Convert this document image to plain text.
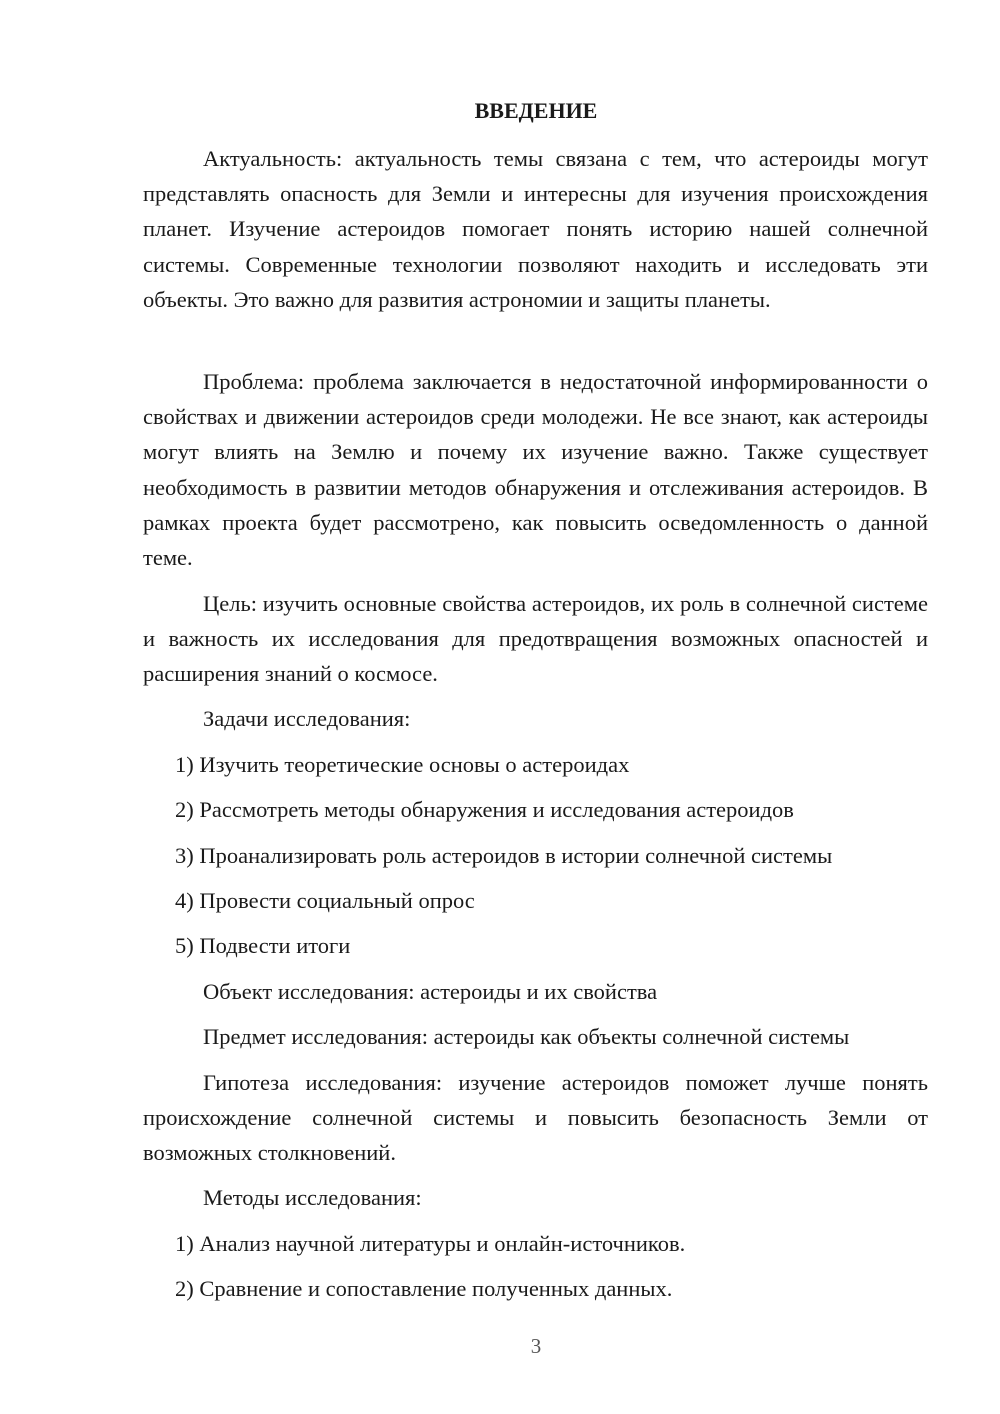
ВВЕДЕНИЕ

Актуальность: актуальность темы связана с тем, что астероиды могут представлять опасность для Земли и интересны для изучения происхождения планет. Изучение астероидов помогает понять историю нашей солнечной системы. Современные технологии позволяют находить и исследовать эти объекты. Это важно для развития астрономии и защиты планеты.

Проблема: проблема заключается в недостаточной информированности о свойствах и движении астероидов среди молодежи. Не все знают, как астероиды могут влиять на Землю и почему их изучение важно. Также существует необходимость в развитии методов обнаружения и отслеживания астероидов. В рамках проекта будет рассмотрено, как повысить осведомленность о данной теме.

Цель: изучить основные свойства астероидов, их роль в солнечной системе и важность их исследования для предотвращения возможных опасностей и расширения знаний о космосе.

Задачи исследования:
1) Изучить теоретические основы о астероидах
2) Рассмотреть методы обнаружения и исследования астероидов
3) Проанализировать роль астероидов в истории солнечной системы
4) Провести социальный опрос
5) Подвести итоги
Объект исследования: астероиды и их свойства
Предмет исследования: астероиды как объекты солнечной системы

Гипотеза исследования: изучение астероидов поможет лучше понять происхождение солнечной системы и повысить безопасность Земли от возможных столкновений.

Методы исследования:
1) Анализ научной литературы и онлайн-источников.
2) Сравнение и сопоставление полученных данных.
3
